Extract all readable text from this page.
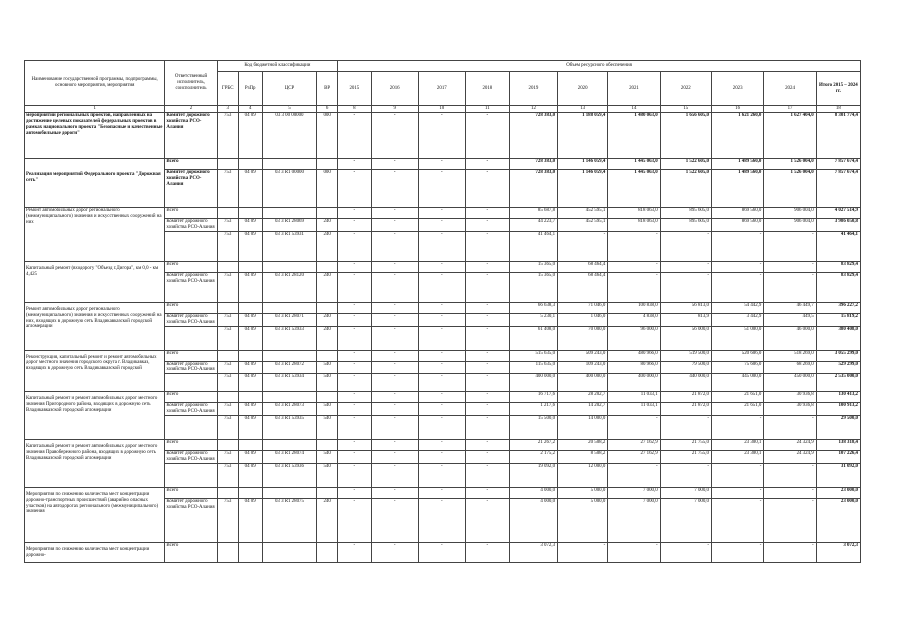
Наименование государственной программы, подпрограммы, основного мероприятия, мероприятия	Ответственный исполнитель, соисполнитель	Код бюджетной классификации				Объем ресурсного обеспечения										
		ГРБС	РзПр	ЦСР	ВР	2015	2016	2017	2018	2019	2020	2021	2022	2023	2024	Итого 2015 – 2024 гг.
1	2	3	4	5	6	8	9	10	11	12	13	14	15	16	17	18
мероприятий региональных проектов, направленных на достижение целевых показателей федеральных проектов в рамках национального проекта "Безопасные и качественные автомобильные дороги"	Комитет дорожного хозяйства РСО-Алания	753	04 09	03 3 00 00000	000	-	-	-	-	728 383,0	1 188 059,4	1 480 063,0	1 656 605,0	1 621 260,0	1 627 404,0	8 301 774,4
Реализация мероприятий Федерального проекта "Дорожная сеть"	Всего					-	-	-	-	728 383,0	1 146 059,4	1 445 063,0	1 522 605,0	1 489 560,0	1 526 004,0	7 857 674,4
	Комитет дорожного хозяйства РСО-Алания	753	04 09	03 3 R1 00000	000	-	-	-	-	728 383,0	1 146 059,4	1 445 063,0	1 522 605,0	1 489 560,0	1 526 004,0	7 857 674,4
Ремонт автомобильных дорог регионального (межмуниципального) значения и искусственных сооружений на них	Всего					-	-	-	-	85 687,8	452 595,1	818 063,0	895 605,0	869 560,0	906 004,0	4 027 514,9
	Комитет дорожного хозяйства РСО-Алания	753	04 09	03 3 R1 28069	240	-	-	-	-	44 223,7	452 595,1	818 063,0	895 605,0	869 560,0	906 004,0	3 986 050,8
		753	04 09	03 3 R1 53931	240	-	-	-	-	41 464,1	-	-	-	-	-	41 464,1
Капитальный ремонт (входорогу "Объезд г.Дигора", км 0,0 - км 4,425	Всего					-	-	-	-	15 365,0	68 464,4	-	-	-	-	83 829,4
	Комитет дорожного хозяйства РСО-Алания	753	04 09	03 3 R1 28120	240	-	-	-	-	15 365,0	68 464,4	-	-	-	-	83 829,4
Ремонт автомобильных дорог регионального (межмуниципального) значения и искусственных сооружений на них, входящих в дорожную сеть Владикавказской городской агломерации	Всего					-	-	-	-	66 638,3	71 046,0	100 838,0	56 813,0	54 442,9	46 449,7	396 227,2
	Комитет дорожного хозяйства РСО-Алания	753	04 09	03 3 R1 28071	240	-	-	-	-	5 230,1	1 046,0	4 838,0	813,9	3 442,9	449,5	15 819,2
		753	04 09	03 3 R1 53933	240	-	-	-	-	61 408,0	70 000,0	96 000,0	56 000,0	51 000,0	46 000,0	380 408,0
Реконструкция, капитальный ремонт и ремонт автомобильных дорог местного значения городского округа г. Владикавказ, входящих в дорожную сеть Владикавказской городской	Всего					-	-	-	-	515 635,0	509 243,0	480 966,0	519 500,0	520 606,0	518 269,0	3 055 299,0
	Комитет дорожного хозяйства РСО-Алания	753	04 09	03 3 R1 28072	540	-	-	-	-	115 635,0	109 243,0	80 966,0	79 500,0	75 606,0	68 269,0	529 299,0
		753	04 09	03 3 R1 53934	540	-	-	-	-	400 000,0	400 000,0	400 000,0	440 000,0	445 000,0	450 000,0	2 535 000,0
Капитальный ремонт и ремонт автомобильных дорог местного значения Пригородного района, входящих в дорожную сеть Владикавказской городской агломерации	Всего					-	-	-	-	16 717,6	28 202,7	11 033,1	21 872,0	21 651,0	30 936,8	130 413,2
	Комитет дорожного хозяйства РСО-Алания	753	04 09	03 3 R1 28073	540	-	-	-	-	1 217,6	14 202,7	11 033,1	21 872,0	21 651,0	30 936,8	100 913,2
		753	04 09	03 3 R1 53935	540	-	-	-	-	15 500,0	14 000,0	-	-	-	-	29 500,0
Капитальный ремонт и ремонт автомобильных дорог местного значения Правобережного района, входящих в дорожную сеть Владикавказской городской агломерации	Всего					-	-	-	-	21 267,2	20 508,2	27 162,9	21 755,0	23 300,1	24 324,9	138 318,4
	Комитет дорожного хозяйства РСО-Алания	753	04 09	03 3 R1 28074	540	-	-	-	-	2 175,2	8 508,2	27 162,9	21 755,0	23 300,1	24 324,9	107 226,4
		753	04 09	03 3 R1 53936	540	-	-	-	-	19 092,0	12 000,0	-	-	-	-	31 092,0
Мероприятия по снижению количества мест концентрации дорожно-транспортных происшествий (аварийно опасных участков) на автодорогах регионального (межмуниципального) значения	Всего					-	-	-	-	4 000,0	5 000,0	7 000,0	7 000,0	-	-	23 000,0
	Комитет дорожного хозяйства РСО-Алания	753	04 09	03 3 R1 28075	240	-	-	-	-	4 000,0	5 000,0	7 000,0	7 000,0	-	-	23 000,0
Мероприятия по снижению количества мест концентрации дорожно-	Всего					-	-	-	-	3 072,3	-	-	-	-	-	3 072,3
